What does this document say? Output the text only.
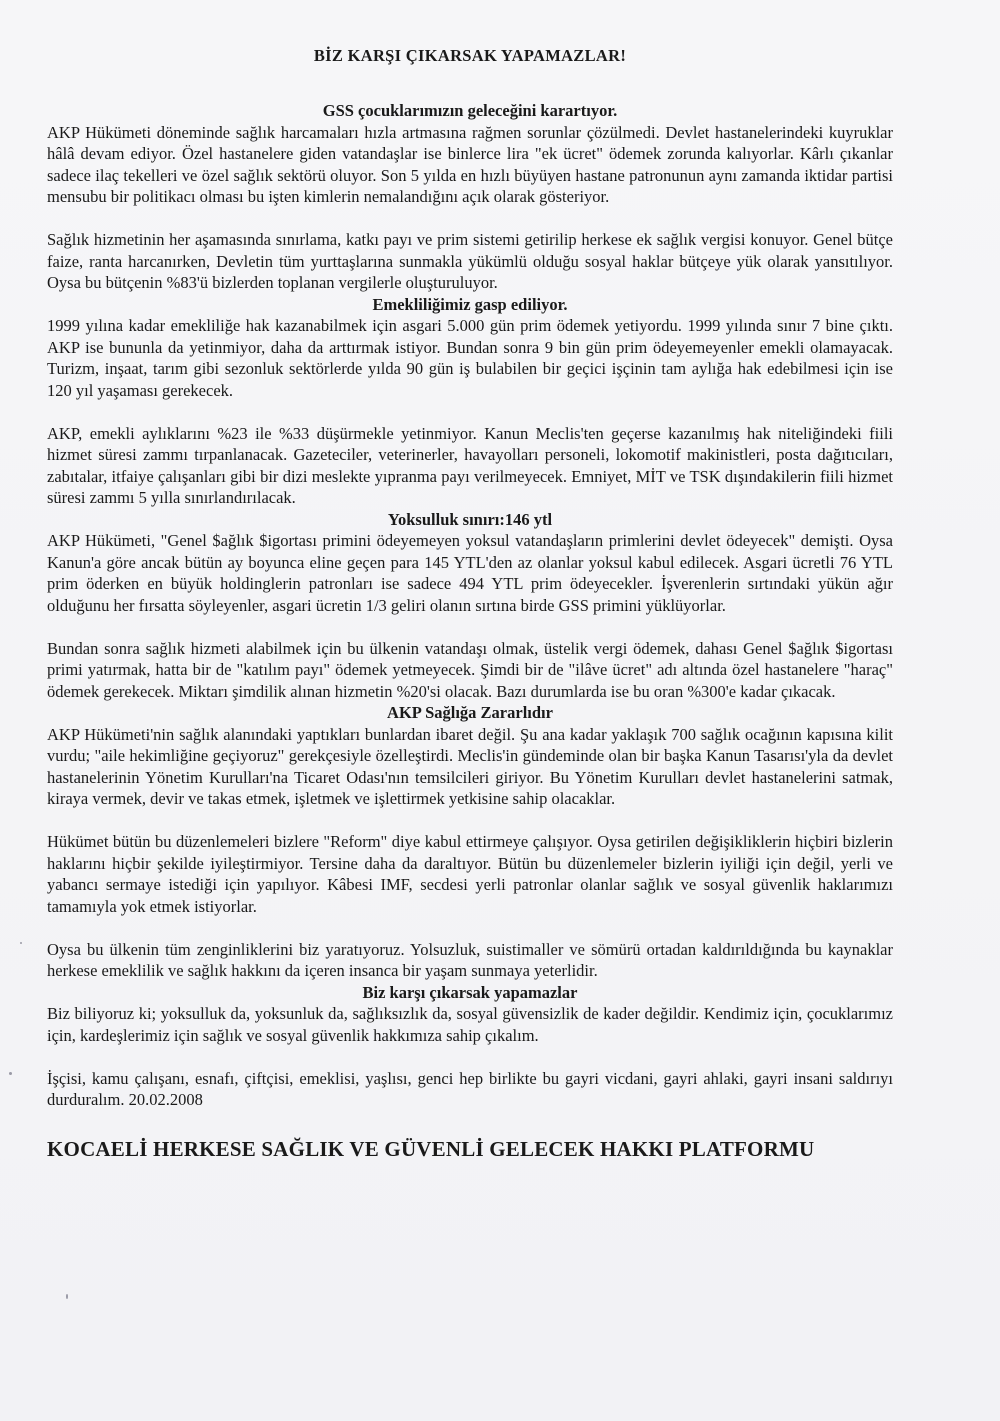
BİZ KARŞI ÇIKARSAK YAPAMAZLAR!
GSS çocuklarımızın geleceğini karartıyor.

AKP Hükümeti döneminde sağlık harcamaları hızla artmasına rağmen sorunlar çözülmedi. Devlet hastanelerindeki kuyruklar hâlâ devam ediyor. Özel hastanelere giden vatandaşlar ise binlerce lira "ek ücret" ödemek zorunda kalıyorlar. Kârlı çıkanlar sadece ilaç tekelleri ve özel sağlık sektörü oluyor. Son 5 yılda en hızlı büyüyen hastane patronunun aynı zamanda iktidar partisi mensubu bir politikacı olması bu işten kimlerin nemalandığını açık olarak gösteriyor.

Sağlık hizmetinin her aşamasında sınırlama, katkı payı ve prim sistemi getirilip herkese ek sağlık vergisi konuyor. Genel bütçe faize, ranta harcanırken, Devletin tüm yurttaşlarına sunmakla yükümlü olduğu sosyal haklar bütçeye yük olarak yansıtılıyor. Oysa bu bütçenin %83'ü bizlerden toplanan vergilerle oluşturuluyor.

Emekliliğimiz gasp ediliyor.

1999 yılına kadar emekliliğe hak kazanabilmek için asgari 5.000 gün prim ödemek yetiyordu. 1999 yılında sınır 7 bine çıktı. AKP ise bununla da yetinmiyor, daha da arttırmak istiyor. Bundan sonra 9 bin gün prim ödeyemeyenler emekli olamayacak. Turizm, inşaat, tarım gibi sezonluk sektörlerde yılda 90 gün iş bulabilen bir geçici işçinin tam aylığa hak edebilmesi için ise 120 yıl yaşaması gerekecek.

AKP, emekli aylıklarını %23 ile %33 düşürmekle yetinmiyor. Kanun Meclis'ten geçerse kazanılmış hak niteliğindeki fiili hizmet süresi zammı tırpanlanacak. Gazeteciler, veterinerler, havayolları personeli, lokomotif makinistleri, posta dağıtıcıları, zabıtalar, itfaiye çalışanları gibi bir dizi meslekte yıpranma payı verilmeyecek. Emniyet, MİT ve TSK dışındakilerin fiili hizmet süresi zammı 5 yılla sınırlandırılacak.

Yoksulluk sınırı:146 ytl

AKP Hükümeti, "Genel $ağlık $igortası primini ödeyemeyen yoksul vatandaşların primlerini devlet ödeyecek" demişti. Oysa Kanun'a göre ancak bütün ay boyunca eline geçen para 145 YTL'den az olanlar yoksul kabul edilecek. Asgari ücretli 76 YTL prim öderken en büyük holdinglerin patronları ise sadece 494 YTL prim ödeyecekler. İşverenlerin sırtındaki yükün ağır olduğunu her fırsatta söyleyenler, asgari ücretin 1/3 geliri olanın sırtına birde GSS primini yüklüyorlar.

Bundan sonra sağlık hizmeti alabilmek için bu ülkenin vatandaşı olmak, üstelik vergi ödemek, dahası Genel $ağlık $igortası primi yatırmak, hatta bir de "katılım payı" ödemek yetmeyecek. Şimdi bir de "ilâve ücret" adı altında özel hastanelere "haraç" ödemek gerekecek. Miktarı şimdilik alınan hizmetin %20'si olacak. Bazı durumlarda ise bu oran %300'e kadar çıkacak.

AKP Sağlığa Zararlıdır

AKP Hükümeti'nin sağlık alanındaki yaptıkları bunlardan ibaret değil. Şu ana kadar yaklaşık 700 sağlık ocağının kapısına kilit vurdu; "aile hekimliğine geçiyoruz" gerekçesiyle özelleştirdi. Meclis'in gündeminde olan bir başka Kanun Tasarısı'yla da devlet hastanelerinin Yönetim Kurulları'na Ticaret Odası'nın temsilcileri giriyor. Bu Yönetim Kurulları devlet hastanelerini satmak, kiraya vermek, devir ve takas etmek, işletmek ve işlettirmek yetkisine sahip olacaklar.

Hükümet bütün bu düzenlemeleri bizlere "Reform" diye kabul ettirmeye çalışıyor. Oysa getirilen değişikliklerin hiçbiri bizlerin haklarını hiçbir şekilde iyileştirmiyor. Tersine daha da daraltıyor. Bütün bu düzenlemeler bizlerin iyiliği için değil, yerli ve yabancı sermaye istediği için yapılıyor. Kâbesi IMF, secdesi yerli patronlar olanlar sağlık ve sosyal güvenlik haklarımızı tamamıyla yok etmek istiyorlar.

Oysa bu ülkenin tüm zenginliklerini biz yaratıyoruz. Yolsuzluk, suistimaller ve sömürü ortadan kaldırıldığında bu kaynaklar herkese emeklilik ve sağlık hakkını da içeren insanca bir yaşam sunmaya yeterlidir.

Biz karşı çıkarsak yapamazlar

Biz biliyoruz ki; yoksulluk da, yoksunluk da, sağlıksızlık da, sosyal güvensizlik de kader değildir. Kendimiz için, çocuklarımız için, kardeşlerimiz için sağlık ve sosyal güvenlik hakkımıza sahip çıkalım.

İşçisi, kamu çalışanı, esnafı, çiftçisi, emeklisi, yaşlısı, genci hep birlikte bu gayri vicdani, gayri ahlaki, gayri insani saldırıyı durduralım. 20.02.2008

KOCAELİ HERKESE SAĞLIK VE GÜVENLİ GELECEK HAKKI PLATFORMU
